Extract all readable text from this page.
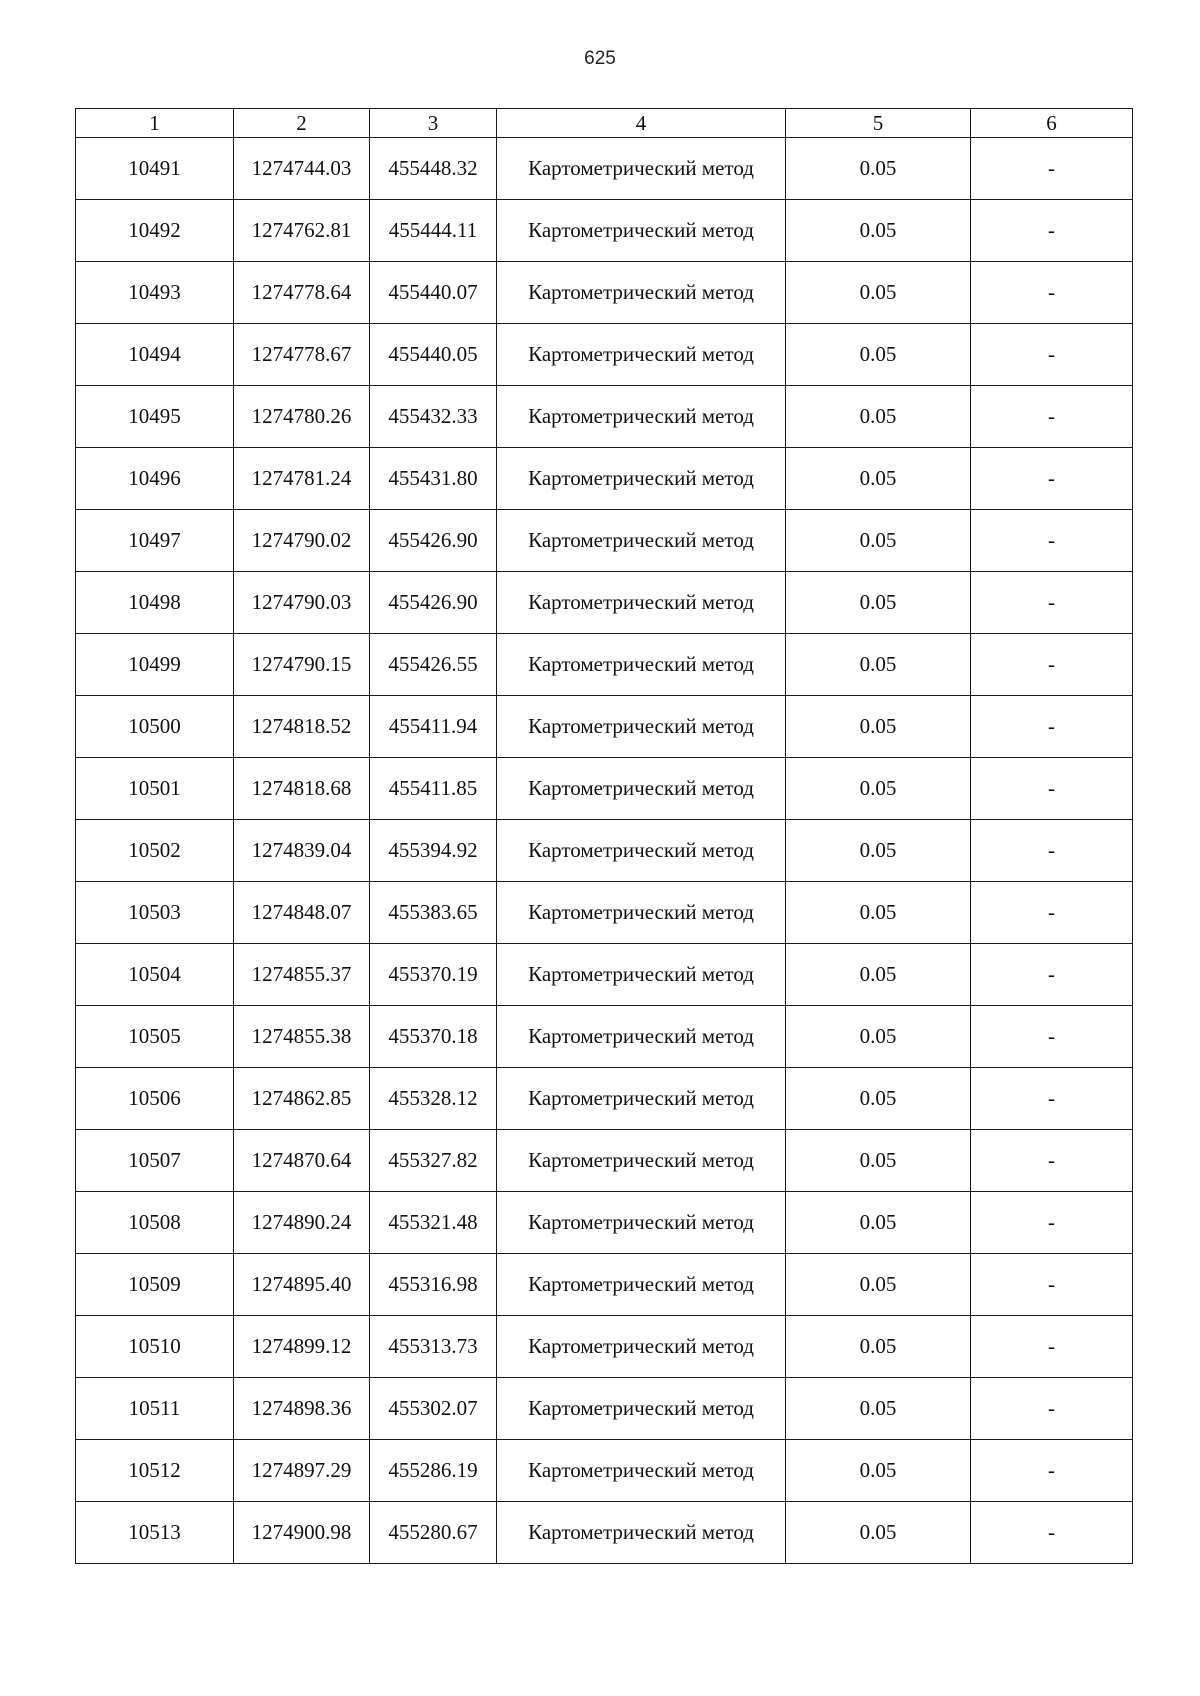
625
1	2	3	4	5	6
10491	1274744.03	455448.32	Картометрический метод	0.05	-
10492	1274762.81	455444.11	Картометрический метод	0.05	-
10493	1274778.64	455440.07	Картометрический метод	0.05	-
10494	1274778.67	455440.05	Картометрический метод	0.05	-
10495	1274780.26	455432.33	Картометрический метод	0.05	-
10496	1274781.24	455431.80	Картометрический метод	0.05	-
10497	1274790.02	455426.90	Картометрический метод	0.05	-
10498	1274790.03	455426.90	Картометрический метод	0.05	-
10499	1274790.15	455426.55	Картометрический метод	0.05	-
10500	1274818.52	455411.94	Картометрический метод	0.05	-
10501	1274818.68	455411.85	Картометрический метод	0.05	-
10502	1274839.04	455394.92	Картометрический метод	0.05	-
10503	1274848.07	455383.65	Картометрический метод	0.05	-
10504	1274855.37	455370.19	Картометрический метод	0.05	-
10505	1274855.38	455370.18	Картометрический метод	0.05	-
10506	1274862.85	455328.12	Картометрический метод	0.05	-
10507	1274870.64	455327.82	Картометрический метод	0.05	-
10508	1274890.24	455321.48	Картометрический метод	0.05	-
10509	1274895.40	455316.98	Картометрический метод	0.05	-
10510	1274899.12	455313.73	Картометрический метод	0.05	-
10511	1274898.36	455302.07	Картометрический метод	0.05	-
10512	1274897.29	455286.19	Картометрический метод	0.05	-
10513	1274900.98	455280.67	Картометрический метод	0.05	-
